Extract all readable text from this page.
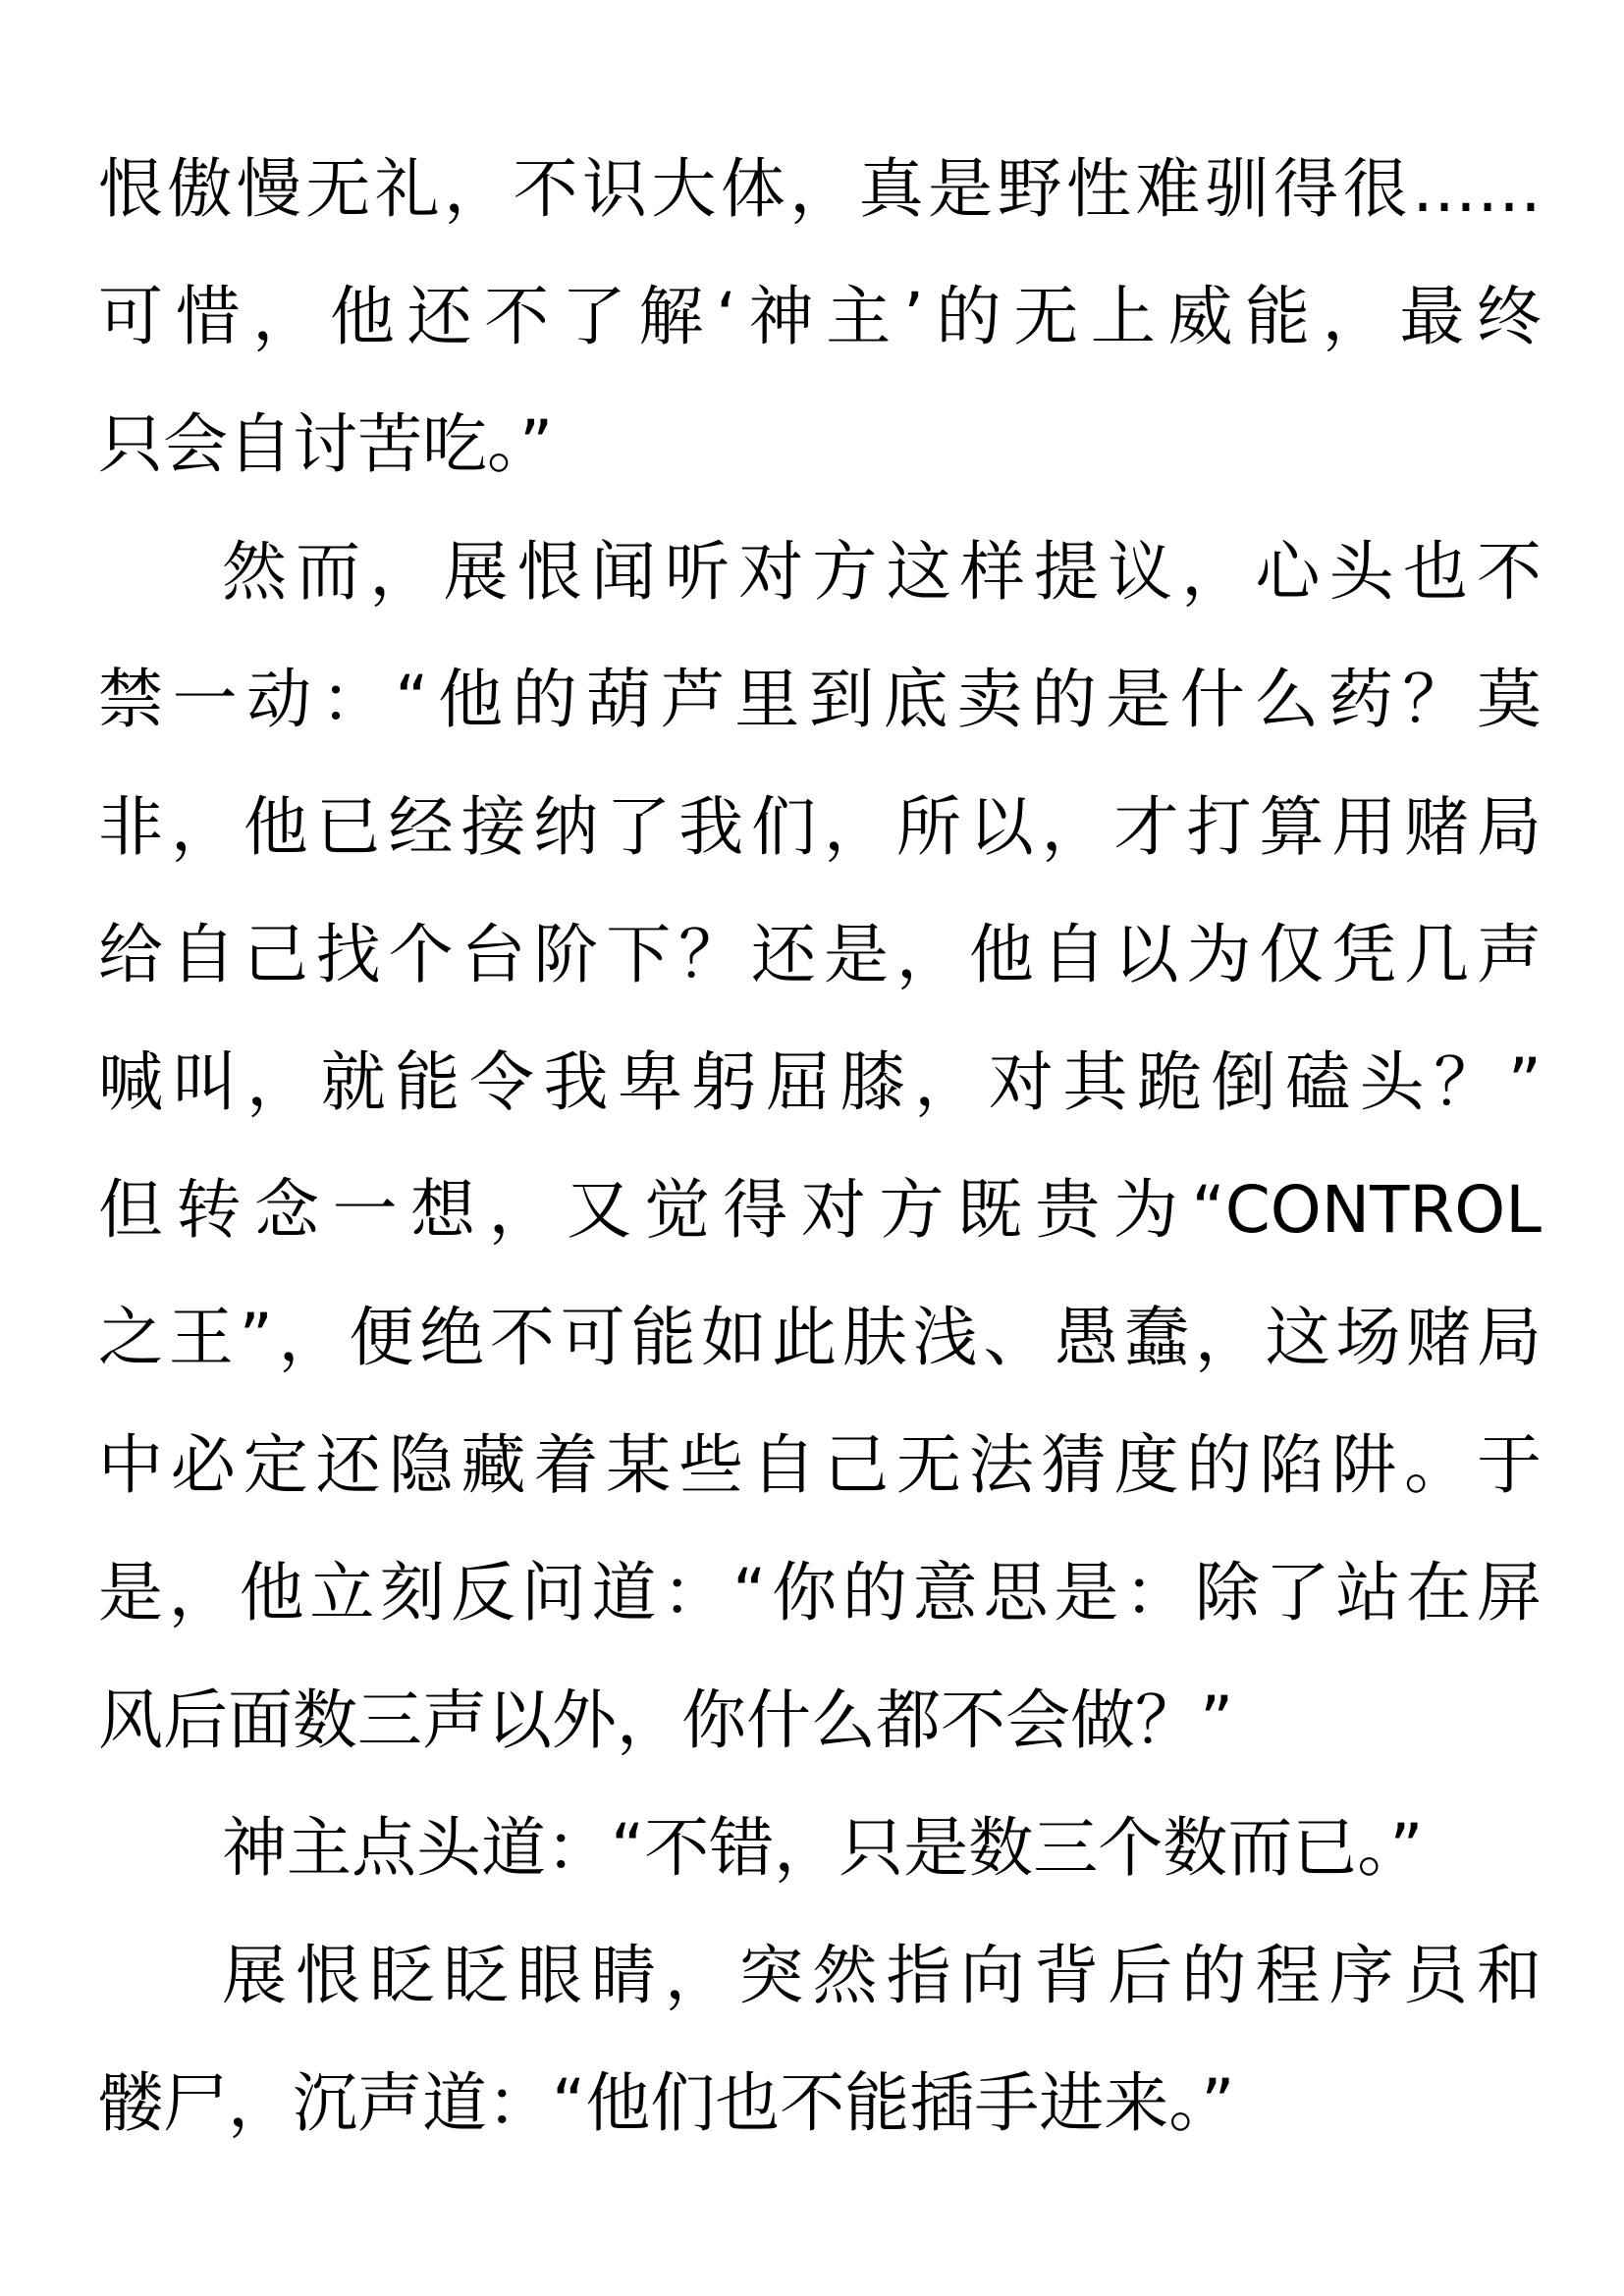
恨傲慢无礼，不识大体，真是野性难驯得很……
可惜，他还不了解‘神主’的无上威能，最终
只会自讨苦吃。”
然而，展恨闻听对方这样提议，心头也不
禁一动：“他的葫芦里到底卖的是什么药？莫
非，他已经接纳了我们，所以，才打算用赌局
给自己找个台阶下？还是，他自以为仅凭几声
喊叫，就能令我卑躬屈膝，对其跪倒磕头？”
但转念一想，又觉得对方既贵为“CONTROL
之王”，便绝不可能如此肤浅、愚蠢，这场赌局
中必定还隐藏着某些自己无法猜度的陷阱。于
是，他立刻反问道：“你的意思是：除了站在屏
风后面数三声以外，你什么都不会做？”
神主点头道：“不错，只是数三个数而已。”
展恨眨眨眼睛，突然指向背后的程序员和
髅尸，沉声道：“他们也不能插手进来。”
